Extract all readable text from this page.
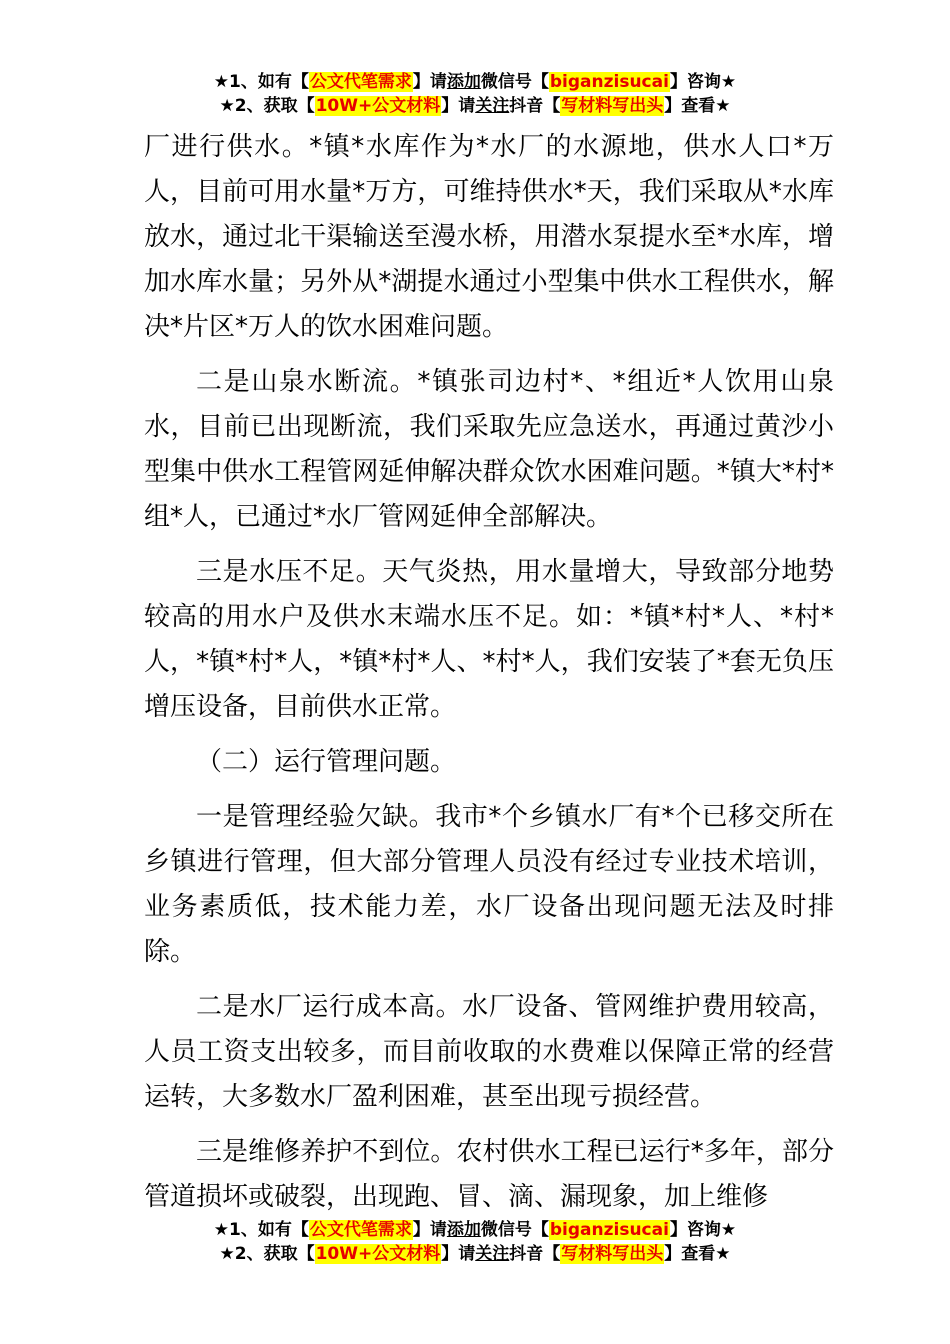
★1、如有【公文代笔需求】请添加微信号【biganzisucai】咨询★
★2、获取【10W+公文材料】请关注抖音【写材料写出头】查看★

厂进行供水。*镇*水库作为*水厂的水源地，供水人口*万人，目前可用水量*万方，可维持供水*天，我们采取从*水库放水，通过北干渠输送至漫水桥，用潜水泵提水至*水库，增加水库水量；另外从*湖提水通过小型集中供水工程供水，解决*片区*万人的饮水困难问题。

二是山泉水断流。*镇张司边村*、*组近*人饮用山泉水，目前已出现断流，我们采取先应急送水，再通过黄沙小型集中供水工程管网延伸解决群众饮水困难问题。*镇大*村*组*人，已通过*水厂管网延伸全部解决。

三是水压不足。天气炎热，用水量增大，导致部分地势较高的用水户及供水末端水压不足。如：*镇*村*人、*村*人，*镇*村*人，*镇*村*人、*村*人，我们安装了*套无负压增压设备，目前供水正常。

（二）运行管理问题。

一是管理经验欠缺。我市*个乡镇水厂有*个已移交所在乡镇进行管理，但大部分管理人员没有经过专业技术培训，业务素质低，技术能力差，水厂设备出现问题无法及时排除。

二是水厂运行成本高。水厂设备、管网维护费用较高，人员工资支出较多，而目前收取的水费难以保障正常的经营运转，大多数水厂盈利困难，甚至出现亏损经营。

三是维修养护不到位。农村供水工程已运行*多年，部分管道损坏或破裂，出现跑、冒、滴、漏现象，加上维修

★1、如有【公文代笔需求】请添加微信号【biganzisucai】咨询★
★2、获取【10W+公文材料】请关注抖音【写材料写出头】查看★
